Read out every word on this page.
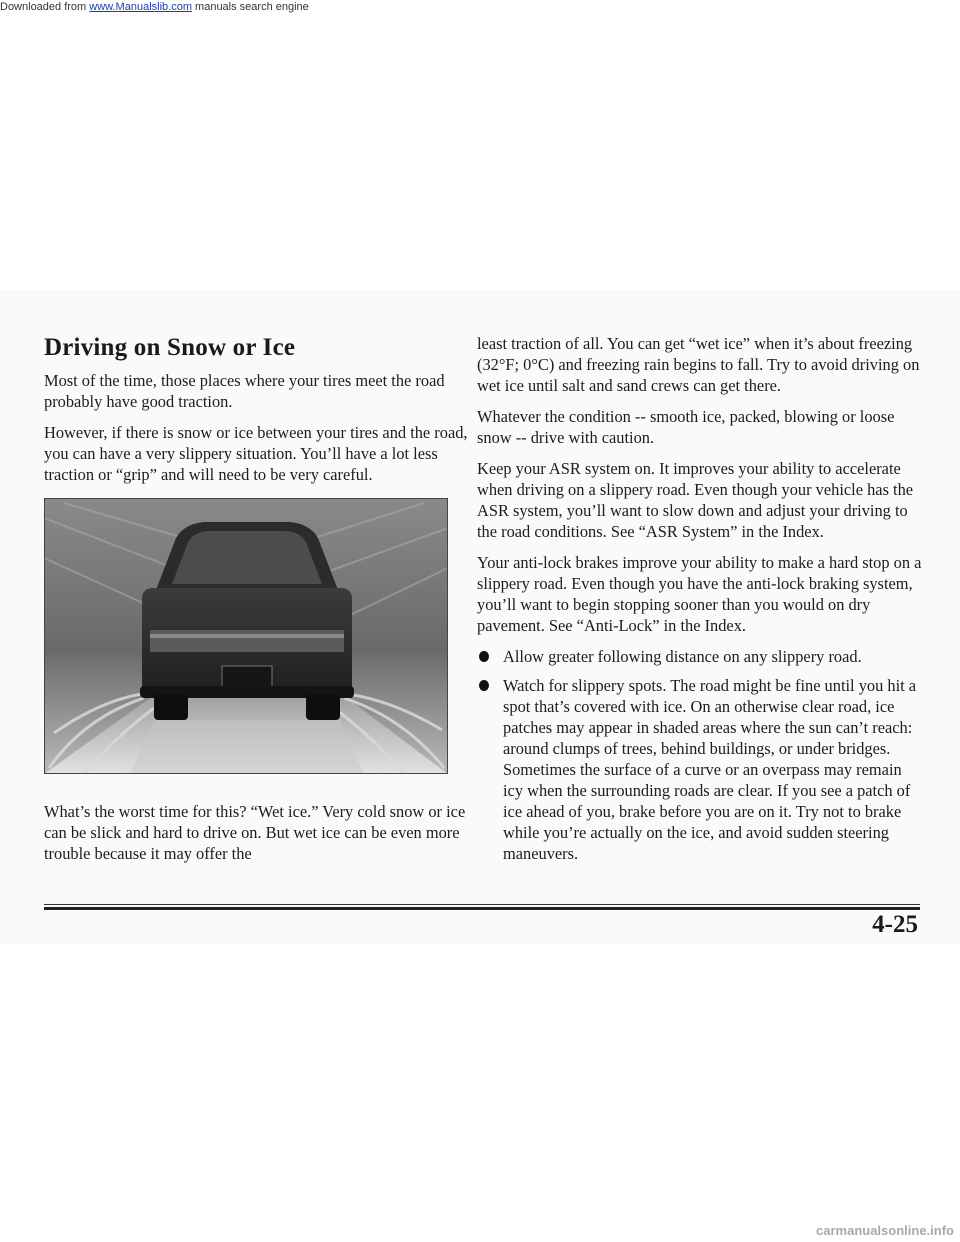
Downloaded from www.Manualslib.com manuals search engine
Driving on Snow or Ice

Most of the time, those places where your tires meet the road probably have good traction.

However, if there is snow or ice between your tires and the road, you can have a very slippery situation. You’ll have a lot less traction or “grip” and will need to be very careful.

What’s the worst time for this? “Wet ice.” Very cold snow or ice can be slick and hard to drive on. But wet ice can be even more trouble because it may offer the

least traction of all. You can get “wet ice” when it’s about freezing (32°F; 0°C) and freezing rain begins to fall. Try to avoid driving on wet ice until salt and sand crews can get there.

Whatever the condition -- smooth ice, packed, blowing or loose snow -- drive with caution.

Keep your ASR system on. It improves your ability to accelerate when driving on a slippery road. Even though your vehicle has the ASR system, you’ll want to slow down and adjust your driving to the road conditions. See “ASR System” in the Index.

Your anti-lock brakes improve your ability to make a hard stop on a slippery road. Even though you have the anti-lock braking system, you’ll want to begin stopping sooner than you would on dry pavement. See “Anti-Lock” in the Index.

Allow greater following distance on any slippery road.
Watch for slippery spots. The road might be fine until you hit a spot that’s covered with ice. On an otherwise clear road, ice patches may appear in shaded areas where the sun can’t reach: around clumps of trees, behind buildings, or under bridges. Sometimes the surface of a curve or an overpass may remain icy when the surrounding roads are clear. If you see a patch of ice ahead of you, brake before you are on it. Try not to brake while you’re actually on the ice, and avoid sudden steering maneuvers.
4-25
carmanualsonline.info
